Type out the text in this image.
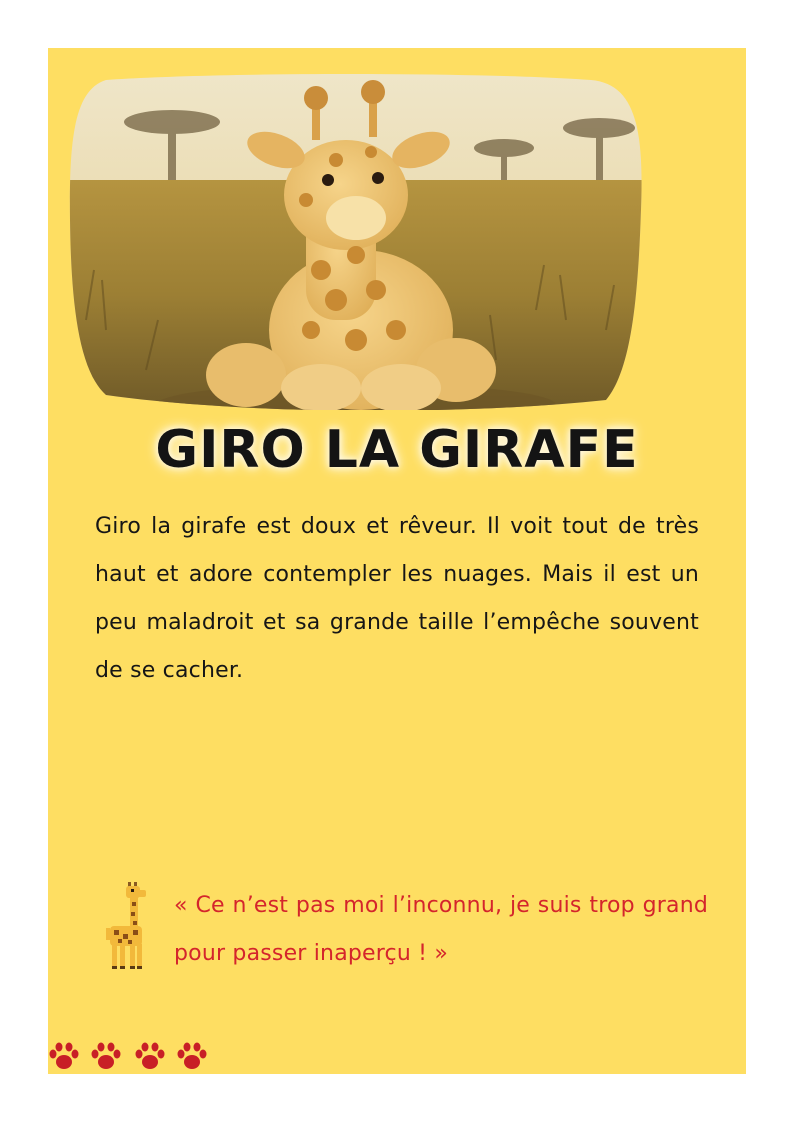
GIRO LA GIRAFE

Giro la girafe est doux et rêveur. Il voit tout de très haut et adore contempler les nuages. Mais il est un peu maladroit et sa grande taille l’empêche souvent de se cacher.

« Ce n’est pas moi l’inconnu, je suis trop grand pour passer inaperçu ! »
